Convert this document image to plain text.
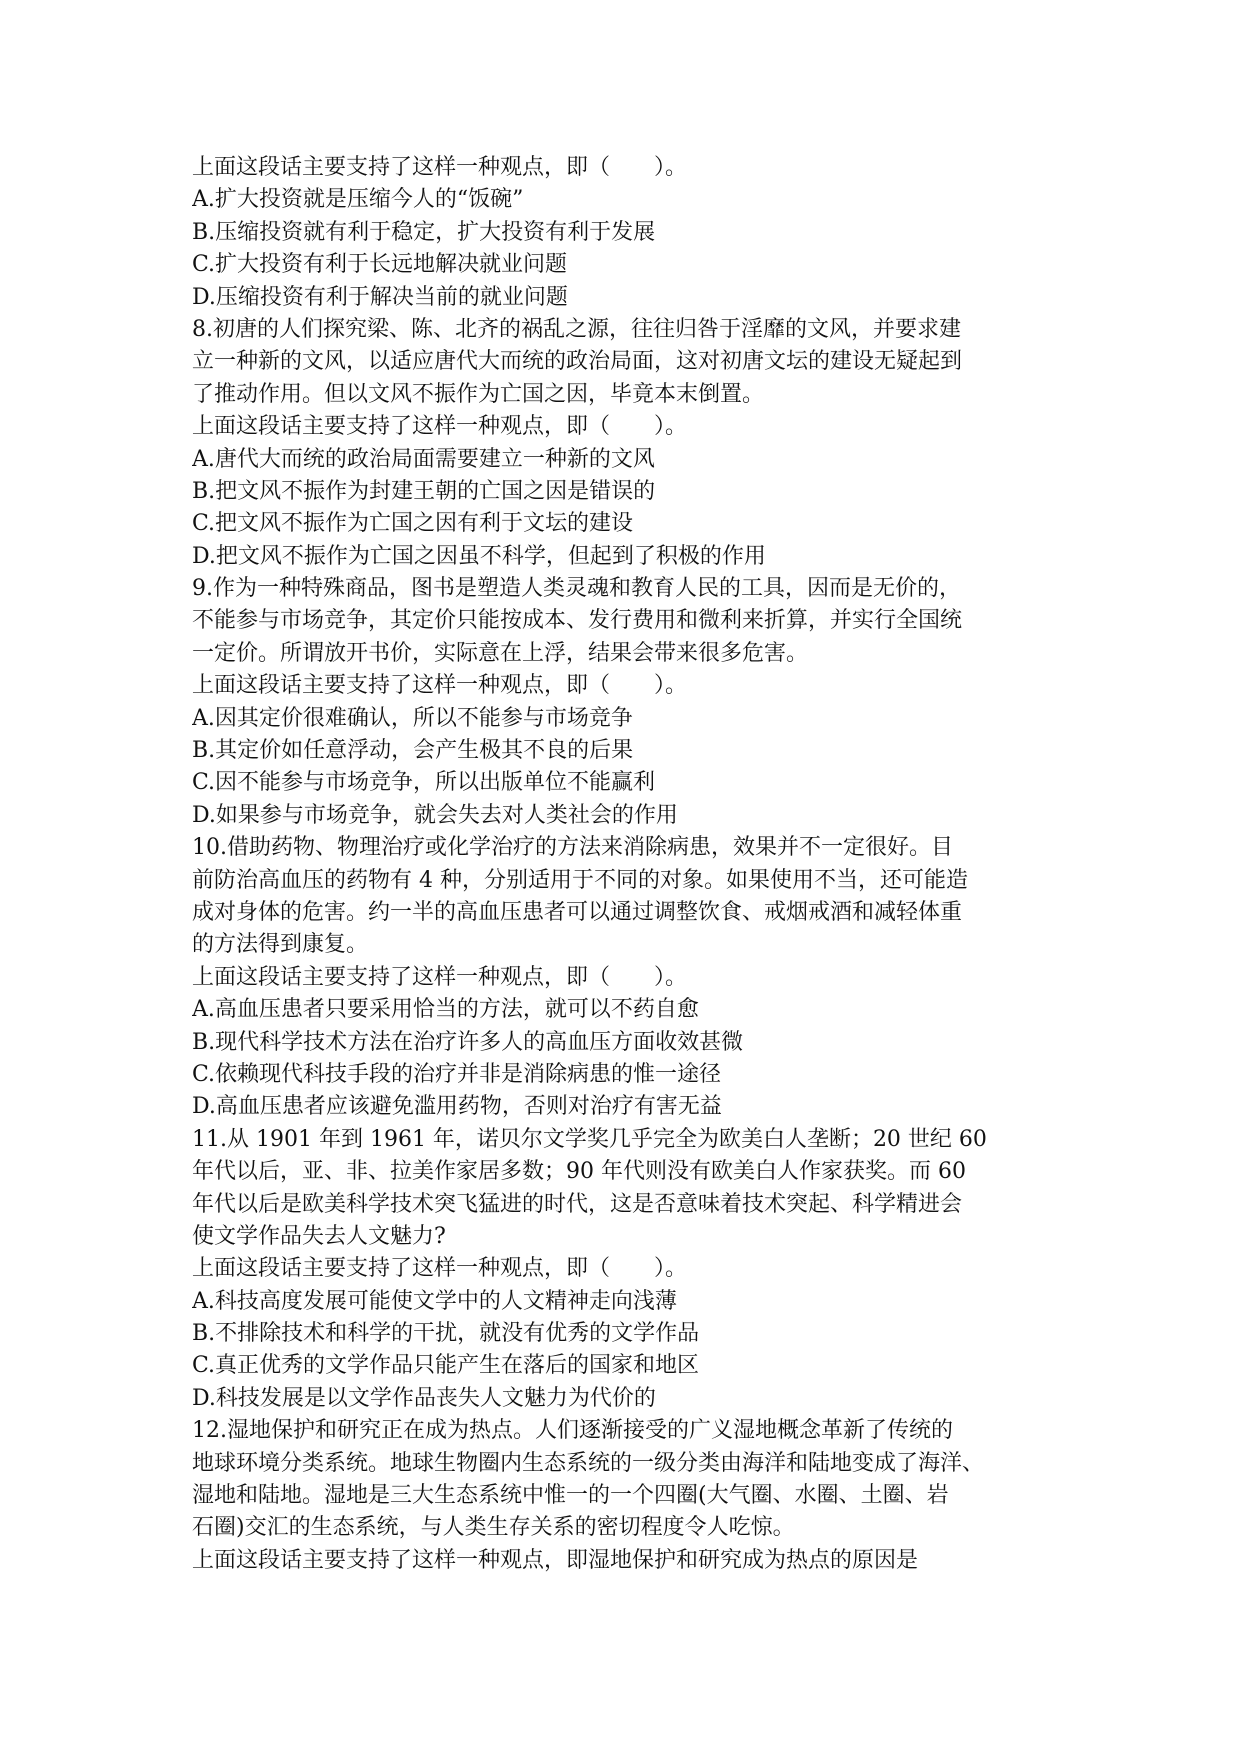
上面这段话主要支持了这样一种观点，即（　　）。
A.扩大投资就是压缩今人的“饭碗”
B.压缩投资就有利于稳定，扩大投资有利于发展
C.扩大投资有利于长远地解决就业问题
D.压缩投资有利于解决当前的就业问题
8.初唐的人们探究梁、陈、北齐的祸乱之源，往往归咎于淫靡的文风，并要求建
立一种新的文风，以适应唐代大而统的政治局面，这对初唐文坛的建设无疑起到
了推动作用。但以文风不振作为亡国之因，毕竟本末倒置。
上面这段话主要支持了这样一种观点，即（　　）。
A.唐代大而统的政治局面需要建立一种新的文风
B.把文风不振作为封建王朝的亡国之因是错误的
C.把文风不振作为亡国之因有利于文坛的建设
D.把文风不振作为亡国之因虽不科学，但起到了积极的作用
9.作为一种特殊商品，图书是塑造人类灵魂和教育人民的工具，因而是无价的，
不能参与市场竞争，其定价只能按成本、发行费用和微利来折算，并实行全国统
一定价。所谓放开书价，实际意在上浮，结果会带来很多危害。
上面这段话主要支持了这样一种观点，即（　　）。
A.因其定价很难确认，所以不能参与市场竞争
B.其定价如任意浮动，会产生极其不良的后果
C.因不能参与市场竞争，所以出版单位不能赢利
D.如果参与市场竞争，就会失去对人类社会的作用
10.借助药物、物理治疗或化学治疗的方法来消除病患，效果并不一定很好。目
前防治高血压的药物有 4 种，分别适用于不同的对象。如果使用不当，还可能造
成对身体的危害。约一半的高血压患者可以通过调整饮食、戒烟戒酒和减轻体重
的方法得到康复。
上面这段话主要支持了这样一种观点，即（　　）。
A.高血压患者只要采用恰当的方法，就可以不药自愈
B.现代科学技术方法在治疗许多人的高血压方面收效甚微
C.依赖现代科技手段的治疗并非是消除病患的惟一途径
D.高血压患者应该避免滥用药物，否则对治疗有害无益
11.从 1901 年到 1961 年，诺贝尔文学奖几乎完全为欧美白人垄断；20 世纪 60
年代以后，亚、非、拉美作家居多数；90 年代则没有欧美白人作家获奖。而 60
年代以后是欧美科学技术突飞猛进的时代，这是否意味着技术突起、科学精进会
使文学作品失去人文魅力?
上面这段话主要支持了这样一种观点，即（　　）。
A.科技高度发展可能使文学中的人文精神走向浅薄
B.不排除技术和科学的干扰，就没有优秀的文学作品
C.真正优秀的文学作品只能产生在落后的国家和地区
D.科技发展是以文学作品丧失人文魅力为代价的
12.湿地保护和研究正在成为热点。人们逐渐接受的广义湿地概念革新了传统的
地球环境分类系统。地球生物圈内生态系统的一级分类由海洋和陆地变成了海洋、
湿地和陆地。湿地是三大生态系统中惟一的一个四圈(大气圈、水圈、土圈、岩
石圈)交汇的生态系统，与人类生存关系的密切程度令人吃惊。
上面这段话主要支持了这样一种观点，即湿地保护和研究成为热点的原因是
